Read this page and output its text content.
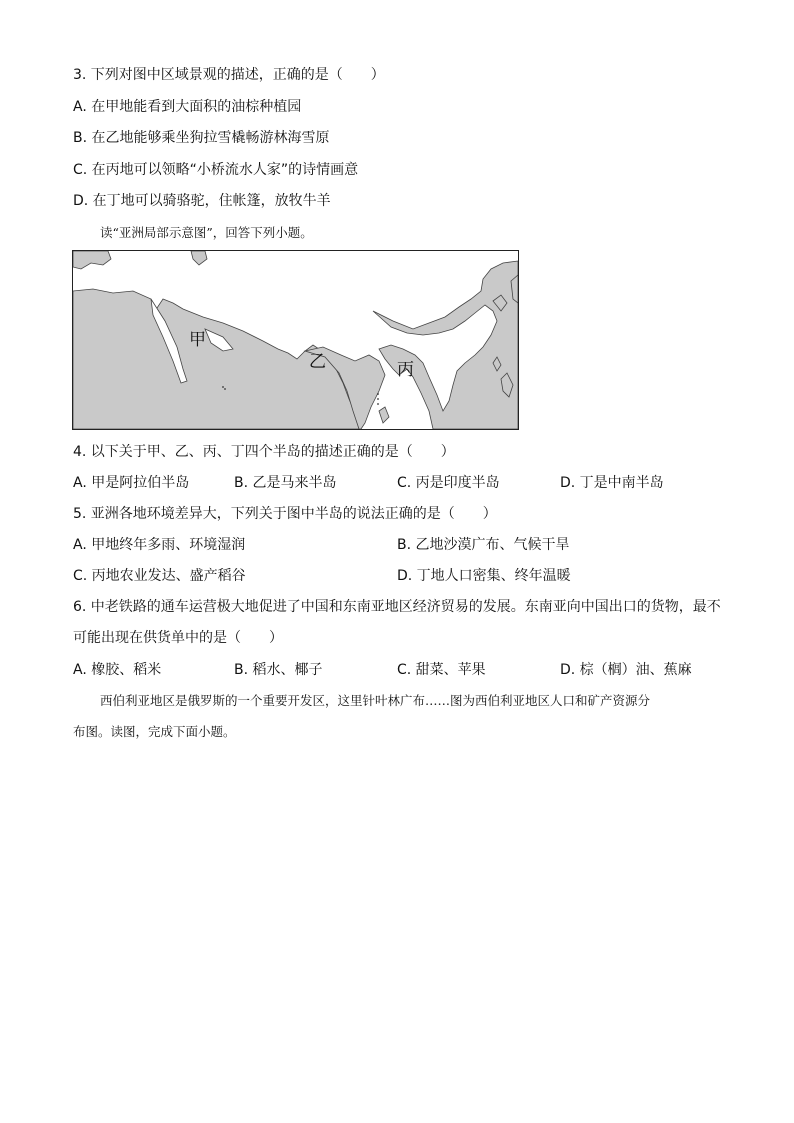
3. 下列对图中区域景观的描述，正确的是（　　）
A. 在甲地能看到大面积的油棕种植园
B. 在乙地能够乘坐狗拉雪橇畅游林海雪原
C. 在丙地可以领略“小桥流水人家”的诗情画意
D. 在丁地可以骑骆驼，住帐篷，放牧牛羊
读“亚洲局部示意图”，回答下列小题。
甲
乙	丙
4. 以下关于甲、乙、丙、丁四个半岛的描述正确的是（　　）
A. 甲是阿拉伯半岛	B. 乙是马来半岛	C. 丙是印度半岛	D. 丁是中南半岛
5. 亚洲各地环境差异大，下列关于图中半岛的说法正确的是（　　）
A. 甲地终年多雨、环境湿润	B. 乙地沙漠广布、气候干旱
C. 丙地农业发达、盛产稻谷	D. 丁地人口密集、终年温暖
6. 中老铁路的通车运营极大地促进了中国和东南亚地区经济贸易的发展。东南亚向中国出口的货物，最不
可能出现在供货单中的是（　　）
A. 橡胶、稻米	B. 稻水、椰子	C. 甜菜、苹果	D. 棕（榈）油、蕉麻
西伯利亚地区是俄罗斯的一个重要开发区，这里针叶林广布……图为西伯利亚地区人口和矿产资源分
布图。读图，完成下面小题。
